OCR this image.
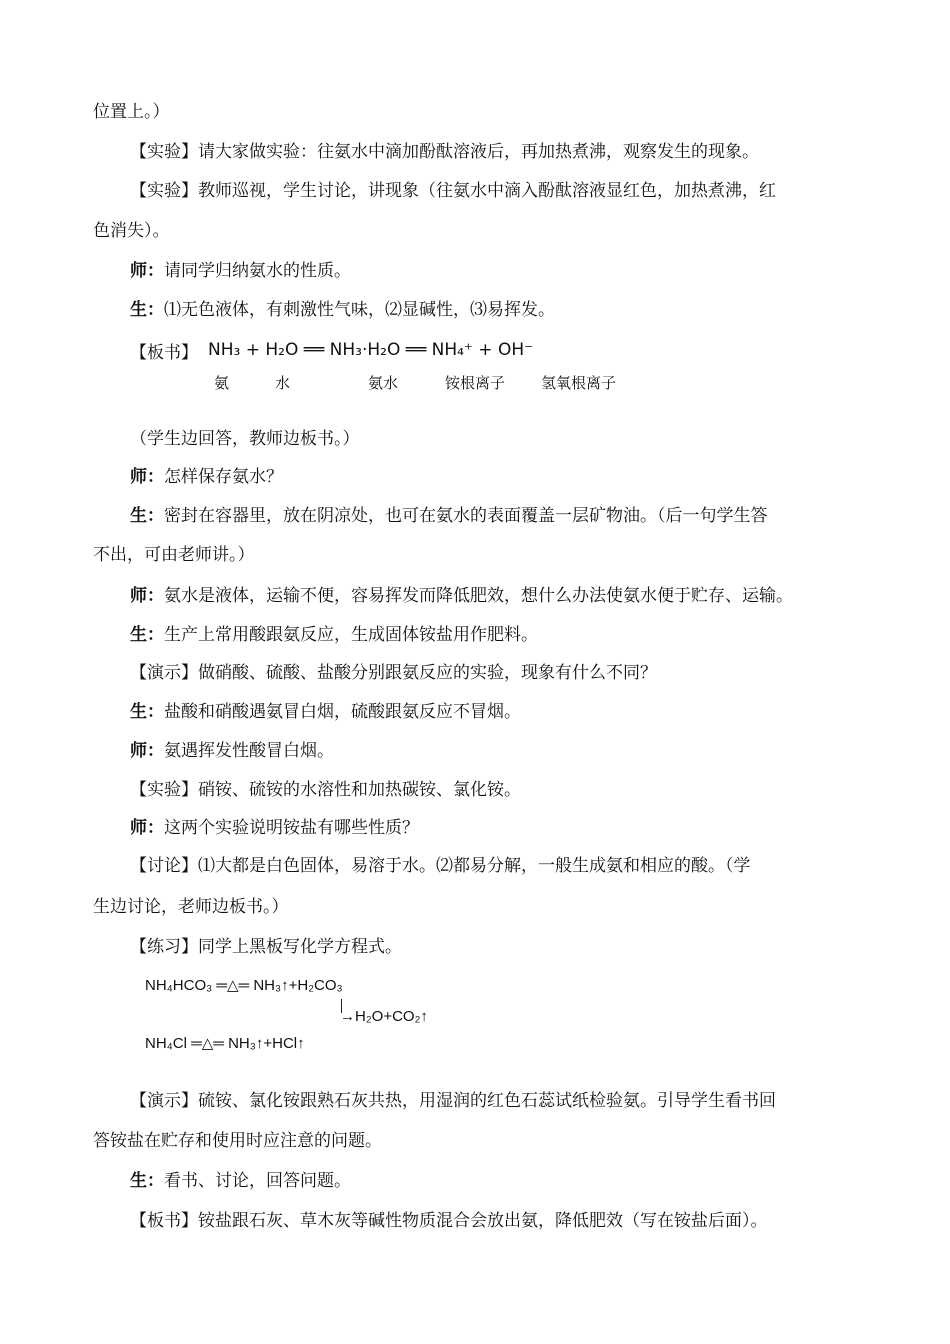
位置上。）
【实验】请大家做实验：往氨水中滴加酚酞溶液后，再加热煮沸，观察发生的现象。
【实验】教师巡视，学生讨论，讲现象（往氨水中滴入酚酞溶液显红色，加热煮沸，红
色消失）。
师：请同学归纳氨水的性质。
生：⑴无色液体，有刺激性气味，⑵显碱性，⑶易挥发。
【板书】 NH₃ + H₂O ══ NH₃·H₂O ══ NH₄⁺ + OH⁻
氨	水	氨水	铵根离子 氢氧根离子
（学生边回答，教师边板书。）
师：怎样保存氨水？
生：密封在容器里，放在阴凉处，也可在氨水的表面覆盖一层矿物油。（后一句学生答
不出，可由老师讲。）
师：氨水是液体，运输不便，容易挥发而降低肥效，想什么办法使氨水便于贮存、运输。
生：生产上常用酸跟氨反应，生成固体铵盐用作肥料。
【演示】做硝酸、硫酸、盐酸分别跟氨反应的实验，现象有什么不同？
生：盐酸和硝酸遇氨冒白烟，硫酸跟氨反应不冒烟。
师：氨遇挥发性酸冒白烟。
【实验】硝铵、硫铵的水溶性和加热碳铵、氯化铵。
师：这两个实验说明铵盐有哪些性质？
【讨论】⑴大都是白色固体，易溶于水。⑵都易分解，一般生成氨和相应的酸。（学
生边讨论，老师边板书。）
【练习】同学上黑板写化学方程式。
NH₄HCO₃ ═△═ NH₃↑+H₂CO₃
→H₂O+CO₂↑
NH₄Cl ═△═ NH₃↑+HCl↑
【演示】硫铵、氯化铵跟熟石灰共热，用湿润的红色石蕊试纸检验氨。引导学生看书回
答铵盐在贮存和使用时应注意的问题。
生：看书、讨论，回答问题。
【板书】铵盐跟石灰、草木灰等碱性物质混合会放出氨，降低肥效（写在铵盐后面）。
